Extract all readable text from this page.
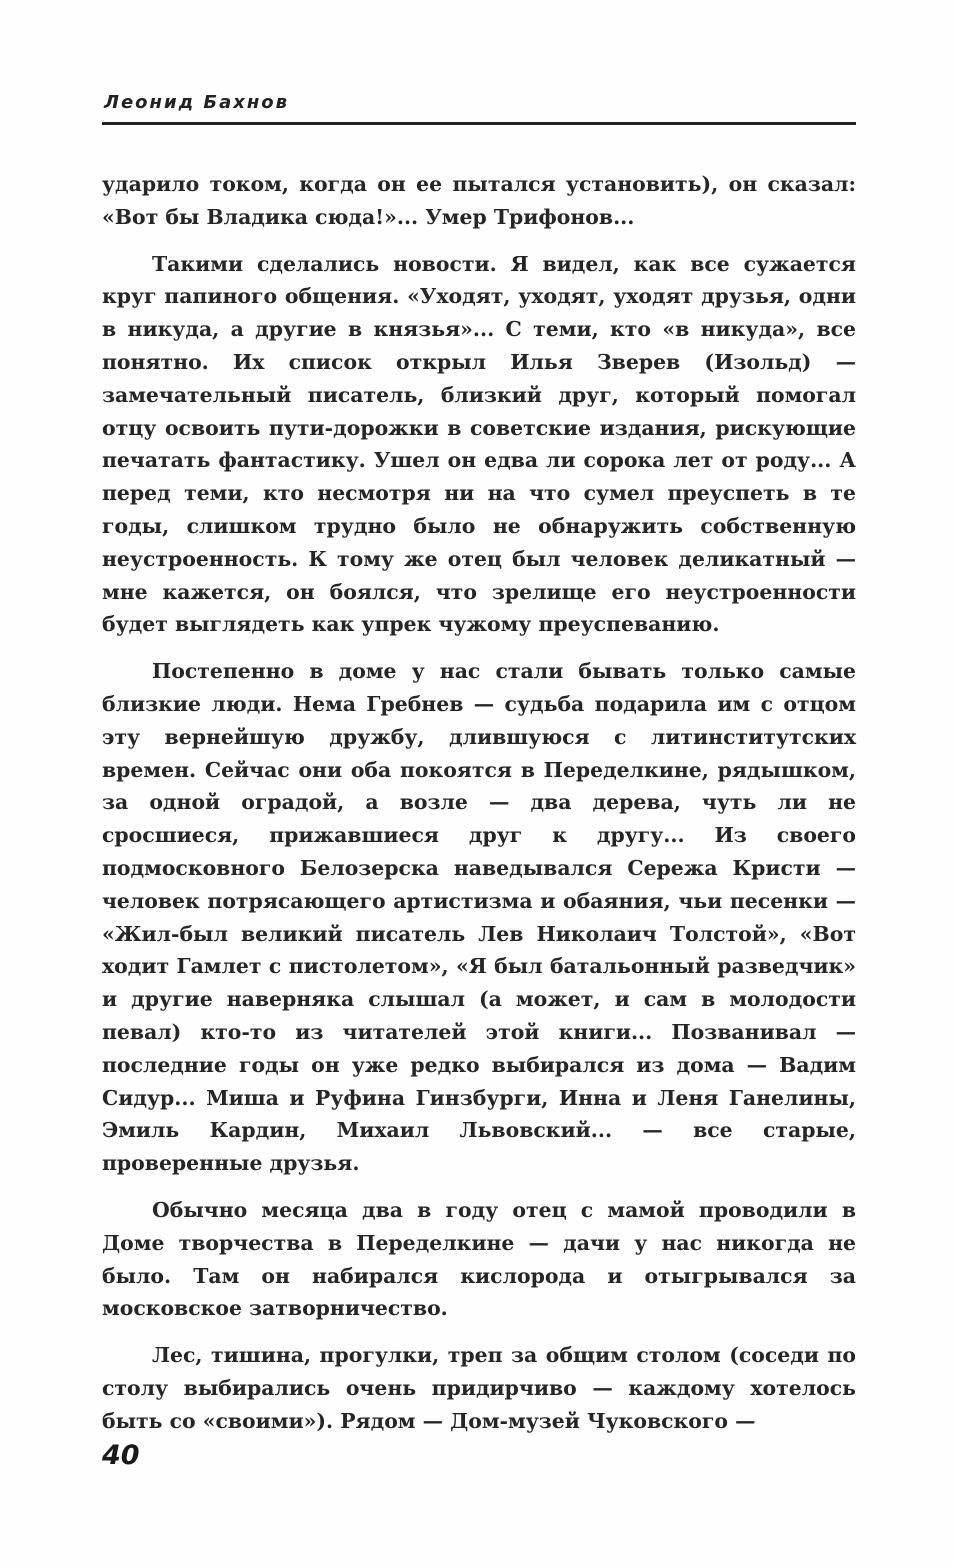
Леонид Бахнов

ударило током, когда он ее пытался установить), он сказал: «Вот бы Владика сюда!»... Умер Трифонов...

Такими сделались новости. Я видел, как все сужается круг папиного общения. «Уходят, уходят, уходят друзья, одни в никуда, а другие в князья»... С теми, кто «в никуда», все понятно. Их список открыл Илья Зверев (Изольд) — замечательный писатель, близкий друг, который помогал отцу освоить пути-дорожки в советские издания, рискующие печатать фантастику. Ушел он едва ли сорока лет от роду... А перед теми, кто несмотря ни на что сумел преуспеть в те годы, слишком трудно было не обнаружить собственную неустроенность. К тому же отец был человек деликатный — мне кажется, он боялся, что зрелище его неустроенности будет выглядеть как упрек чужому преуспеванию.

Постепенно в доме у нас стали бывать только самые близкие люди. Нема Гребнев — судьба подарила им с отцом эту вернейшую дружбу, длившуюся с литинститутских времен. Сейчас они оба покоятся в Переделкине, рядышком, за одной оградой, а возле — два дерева, чуть ли не сросшиеся, прижавшиеся друг к другу... Из своего подмосковного Белозерска наведывался Сережа Кристи — человек потрясающего артистизма и обаяния, чьи песенки — «Жил-был великий писатель Лев Николаич Толстой», «Вот ходит Гамлет с пистолетом», «Я был батальонный разведчик» и другие наверняка слышал (а может, и сам в молодости певал) кто-то из читателей этой книги... Позванивал — последние годы он уже редко выбирался из дома — Вадим Сидур... Миша и Руфина Гинзбурги, Инна и Леня Ганелины, Эмиль Кардин, Михаил Львовский... — все старые, проверенные друзья.

Обычно месяца два в году отец с мамой проводили в Доме творчества в Переделкине — дачи у нас никогда не было. Там он набирался кислорода и отыгрывался за московское затворничество.

Лес, тишина, прогулки, треп за общим столом (соседи по столу выбирались очень придирчиво — каждому хотелось быть со «своими»). Рядом — Дом-музей Чуковского —

40
